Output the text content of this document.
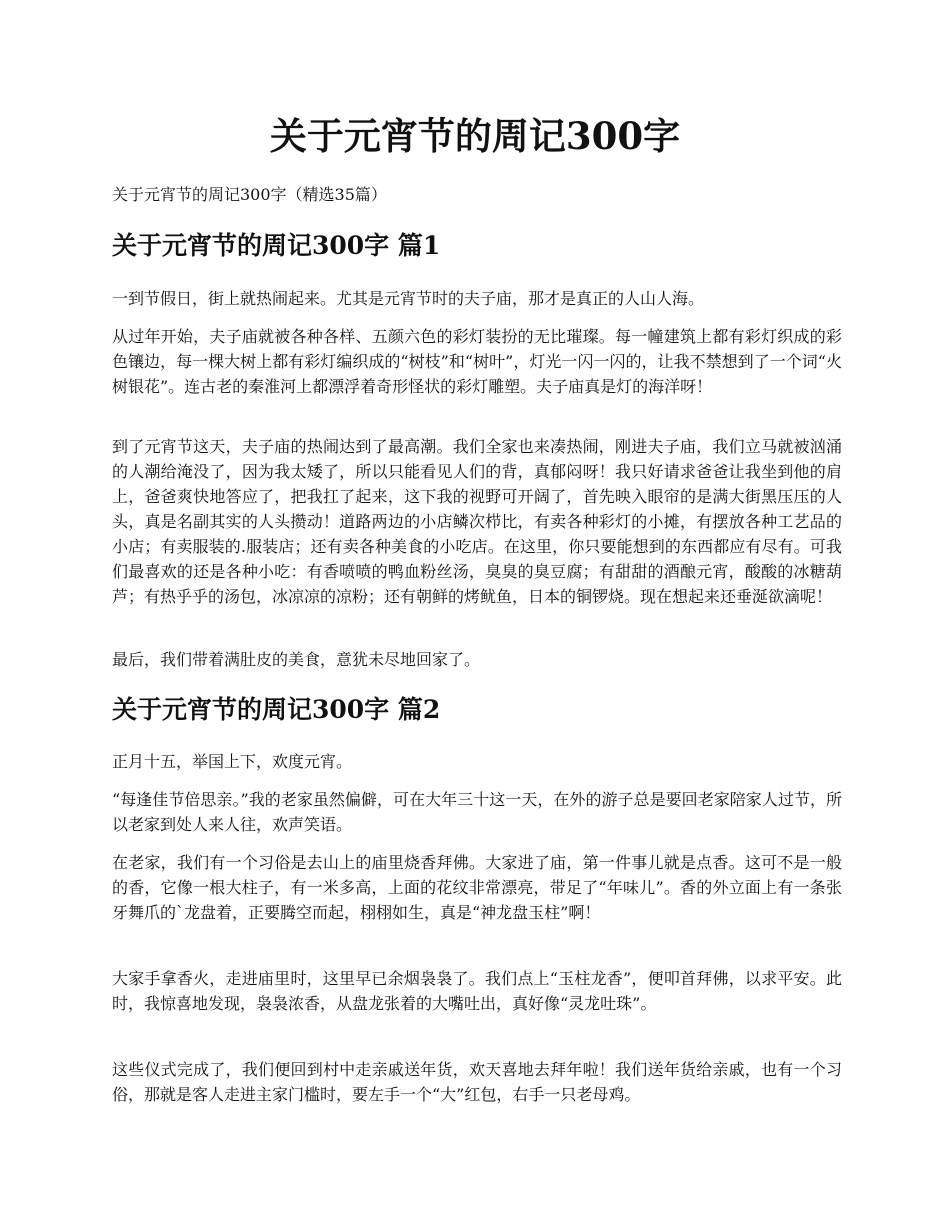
关于元宵节的周记300字

关于元宵节的周记300字（精选35篇）

关于元宵节的周记300字 篇1

一到节假日，街上就热闹起来。尤其是元宵节时的夫子庙，那才是真正的人山人海。

从过年开始，夫子庙就被各种各样、五颜六色的彩灯装扮的无比璀璨。每一幢建筑上都有彩灯织成的彩色镶边，每一棵大树上都有彩灯编织成的“树枝”和“树叶”，灯光一闪一闪的，让我不禁想到了一个词“火树银花”。连古老的秦淮河上都漂浮着奇形怪状的彩灯雕塑。夫子庙真是灯的海洋呀！

到了元宵节这天，夫子庙的热闹达到了最高潮。我们全家也来凑热闹，刚进夫子庙，我们立马就被汹涌的人潮给淹没了，因为我太矮了，所以只能看见人们的背，真郁闷呀！我只好请求爸爸让我坐到他的肩上，爸爸爽快地答应了，把我扛了起来，这下我的视野可开阔了，首先映入眼帘的是满大街黑压压的人头，真是名副其实的人头攒动！道路两边的小店鳞次栉比，有卖各种彩灯的小摊，有摆放各种工艺品的小店；有卖服装的.服装店；还有卖各种美食的小吃店。在这里，你只要能想到的东西都应有尽有。可我们最喜欢的还是各种小吃：有香喷喷的鸭血粉丝汤，臭臭的臭豆腐；有甜甜的酒酿元宵，酸酸的冰糖葫芦；有热乎乎的汤包，冰凉凉的凉粉；还有朝鲜的烤鱿鱼，日本的铜锣烧。现在想起来还垂涎欲滴呢！

最后，我们带着满肚皮的美食，意犹未尽地回家了。

关于元宵节的周记300字 篇2

正月十五，举国上下，欢度元宵。

“每逢佳节倍思亲。”我的老家虽然偏僻，可在大年三十这一天，在外的游子总是要回老家陪家人过节，所以老家到处人来人往，欢声笑语。

在老家，我们有一个习俗是去山上的庙里烧香拜佛。大家进了庙，第一件事儿就是点香。这可不是一般的香，它像一根大柱子，有一米多高，上面的花纹非常漂亮，带足了“年味儿”。香的外立面上有一条张牙舞爪的`龙盘着，正要腾空而起，栩栩如生，真是“神龙盘玉柱”啊！

大家手拿香火，走进庙里时，这里早已余烟袅袅了。我们点上“玉柱龙香”，便叩首拜佛，以求平安。此时，我惊喜地发现，袅袅浓香，从盘龙张着的大嘴吐出，真好像“灵龙吐珠”。

这些仪式完成了，我们便回到村中走亲戚送年货，欢天喜地去拜年啦！我们送年货给亲戚，也有一个习俗，那就是客人走进主家门槛时，要左手一个“大”红包，右手一只老母鸡。
